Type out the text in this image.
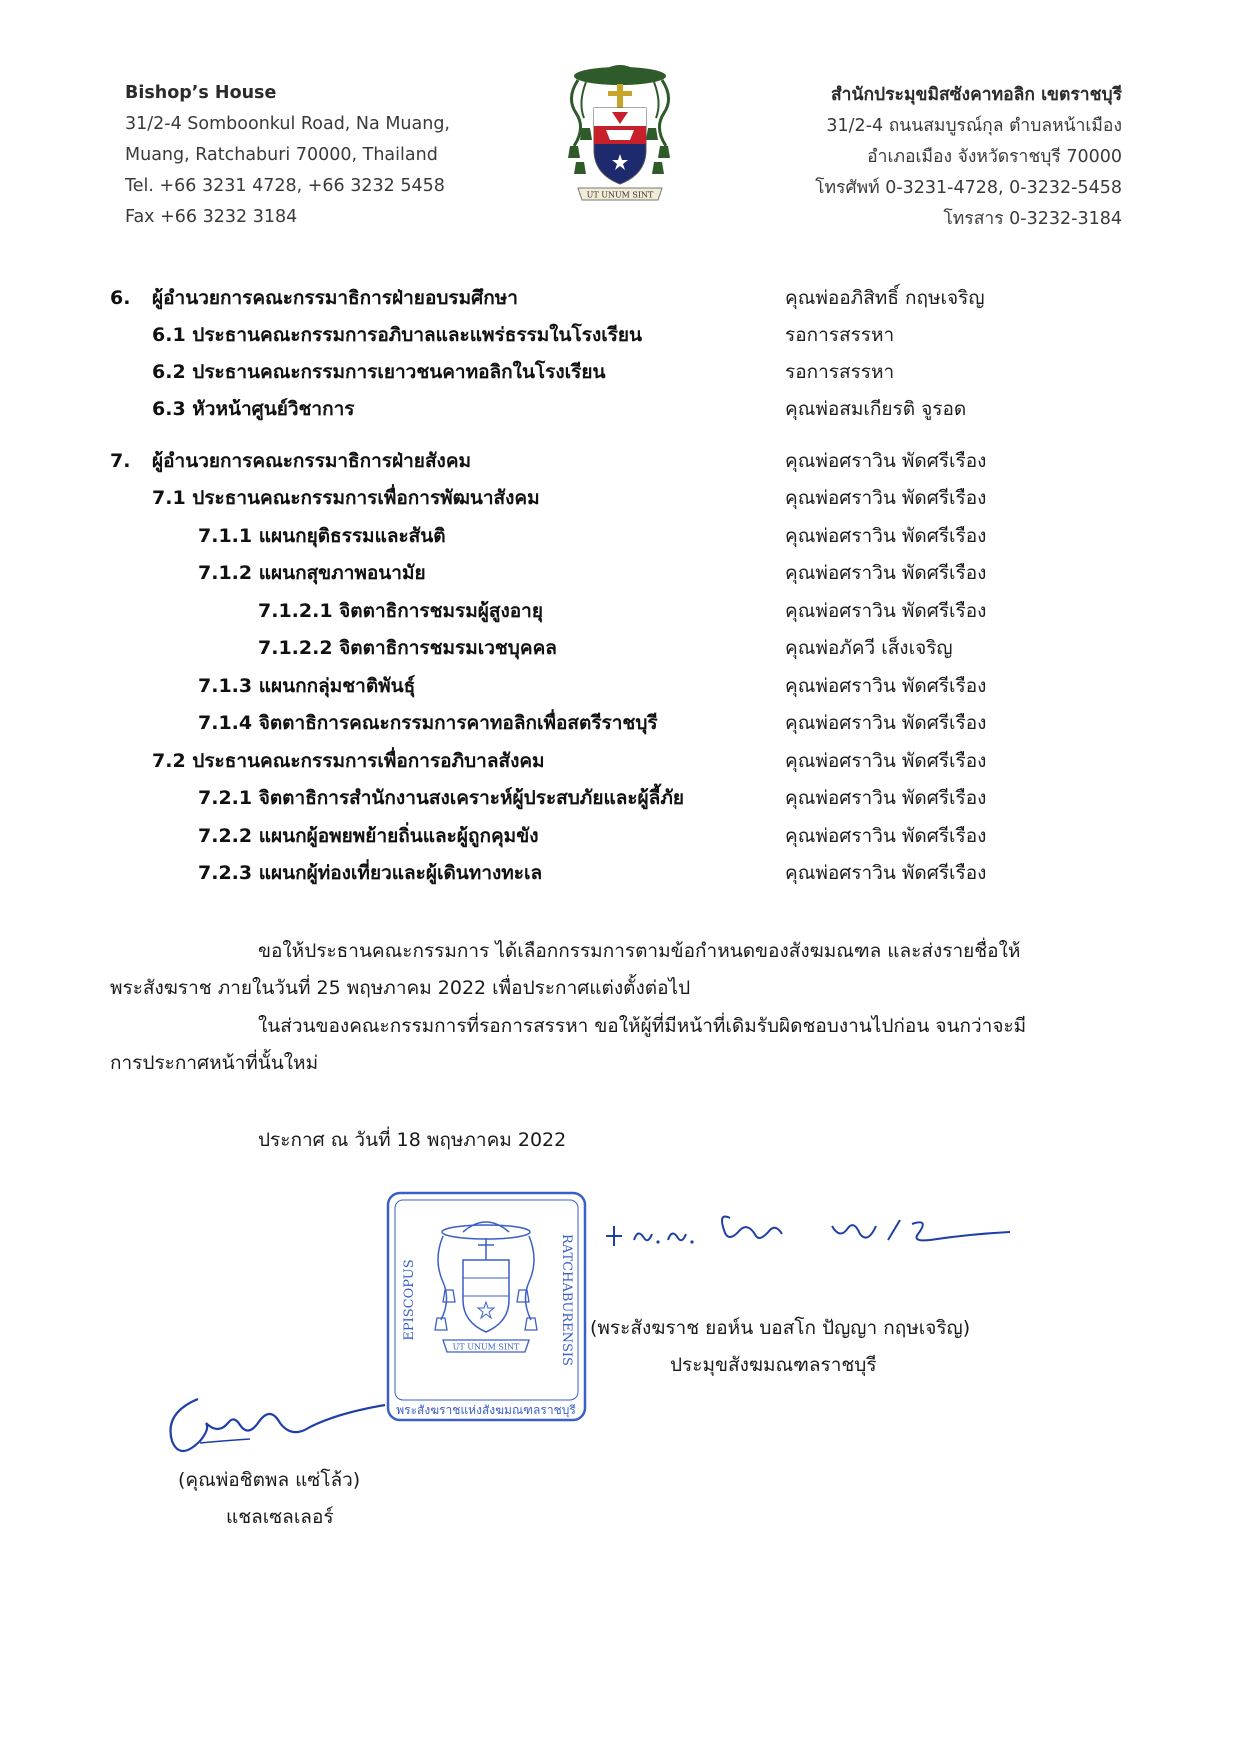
Bishop’s House
31/2-4 Somboonkul Road, Na Muang,
Muang, Ratchaburi 70000, Thailand
Tel. +66 3231 4728, +66 3232 5458
Fax +66 3232 3184
UT UNUM SINT
สำนักประมุขมิสซังคาทอลิก เขตราชบุรี
31/2-4 ถนนสมบูรณ์กุล ตำบลหน้าเมือง
อำเภอเมือง จังหวัดราชบุรี 70000
โทรศัพท์ 0-3231-4728, 0-3232-5458
โทรสาร 0-3232-3184
6. ผู้อำนวยการคณะกรรมาธิการฝ่ายอบรมศึกษา	คุณพ่ออภิสิทธิ์ กฤษเจริญ
6.1 ประธานคณะกรรมการอภิบาลและแพร่ธรรมในโรงเรียน	รอการสรรหา
6.2 ประธานคณะกรรมการเยาวชนคาทอลิกในโรงเรียน	รอการสรรหา
6.3 หัวหน้าศูนย์วิชาการ	คุณพ่อสมเกียรติ จูรอด
7. ผู้อำนวยการคณะกรรมาธิการฝ่ายสังคม	คุณพ่อศราวิน พัดศรีเรือง
7.1 ประธานคณะกรรมการเพื่อการพัฒนาสังคม	คุณพ่อศราวิน พัดศรีเรือง
7.1.1 แผนกยุติธรรมและสันติ	คุณพ่อศราวิน พัดศรีเรือง
7.1.2 แผนกสุขภาพอนามัย	คุณพ่อศราวิน พัดศรีเรือง
7.1.2.1 จิตตาธิการชมรมผู้สูงอายุ	คุณพ่อศราวิน พัดศรีเรือง
7.1.2.2 จิตตาธิการชมรมเวชบุคคล	คุณพ่อภัควี เส็งเจริญ
7.1.3 แผนกกลุ่มชาติพันธุ์	คุณพ่อศราวิน พัดศรีเรือง
7.1.4 จิตตาธิการคณะกรรมการคาทอลิกเพื่อสตรีราชบุรี	คุณพ่อศราวิน พัดศรีเรือง
7.2 ประธานคณะกรรมการเพื่อการอภิบาลสังคม	คุณพ่อศราวิน พัดศรีเรือง
7.2.1 จิตตาธิการสำนักงานสงเคราะห์ผู้ประสบภัยและผู้ลี้ภัย	คุณพ่อศราวิน พัดศรีเรือง
7.2.2 แผนกผู้อพยพย้ายถิ่นและผู้ถูกคุมขัง	คุณพ่อศราวิน พัดศรีเรือง
7.2.3 แผนกผู้ท่องเที่ยวและผู้เดินทางทะเล	คุณพ่อศราวิน พัดศรีเรือง
ขอให้ประธานคณะกรรมการ ได้เลือกกรรมการตามข้อกำหนดของสังฆมณฑล และส่งรายชื่อให้
พระสังฆราช ภายในวันที่ 25 พฤษภาคม 2022 เพื่อประกาศแต่งตั้งต่อไป
ในส่วนของคณะกรรมการที่รอการสรรหา ขอให้ผู้ที่มีหน้าที่เดิมรับผิดชอบงานไปก่อน จนกว่าจะมี
การประกาศหน้าที่นั้นใหม่
ประกาศ ณ วันที่ 18 พฤษภาคม 2022
EPISCOPUS	RATCHABURENSIS
UT UNUM SINT
พระสังฆราชแห่งสังฆมณฑลราชบุรี
(พระสังฆราช ยอห์น บอสโก ปัญญา กฤษเจริญ)
ประมุขสังฆมณฑลราชบุรี
(คุณพ่อชิตพล แซ่โล้ว)
แชลเซลเลอร์
